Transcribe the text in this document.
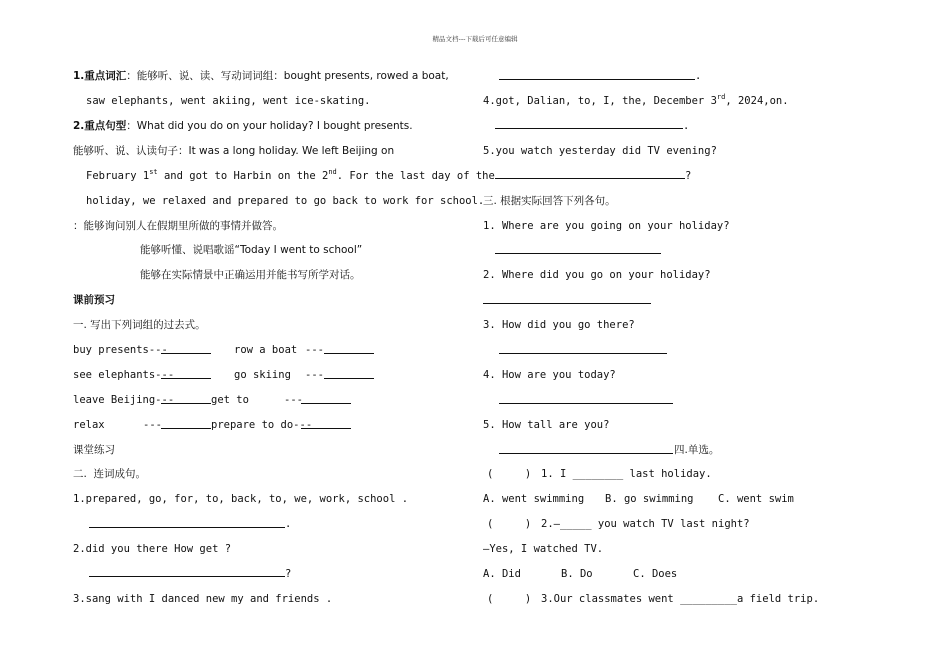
精品文档---下载后可任意编辑
1.重点词汇：能够听、说、读、写动词词组：bought presents, rowed a boat,
saw elephants, went akiing, went ice-skating.
2.重点句型：What did you do on your holiday? I bought presents.
能够听、说、认读句子：It was a long holiday. We left Beijing on
February 1st and got to Harbin on the 2nd. For the last day of the
holiday, we relaxed and prepared to go back to work for school.
：能够询问别人在假期里所做的事情并做答。
能够听懂、说唱歌谣“Today I went to school”
能够在实际情景中正确运用并能书写所学对话。
课前预习
一. 写出下列词组的过去式。
buy presents---	row a boat ---
see elephants---	go skiing ---
leave Beijing---	get to	---
relax	---	prepare to do---
课堂练习
二.  连词成句。
1.prepared, go, for, to, back, to, we, work, school .
.
2.did you there How get ?
?
3.sang with I danced new my and friends .
.
4.got, Dalian, to, I, the, December 3rd, 2024,on.
.
5.you watch yesterday did TV evening?
?
三. 根据实际回答下列各句。
1. Where are you going on your holiday?
2. Where did you go on your holiday?
3. How did you go there?
4. How are you today?
5. How tall are you?
四.单选。
(     ) 1. I ________ last holiday.
A. went swimming B. go swimming C. went swim
(     ) 2.—_____ you watch TV last night?
—Yes, I watched TV.
A. Did	B. Do	C. Does
(     ) 3.Our classmates went _________a field trip.
